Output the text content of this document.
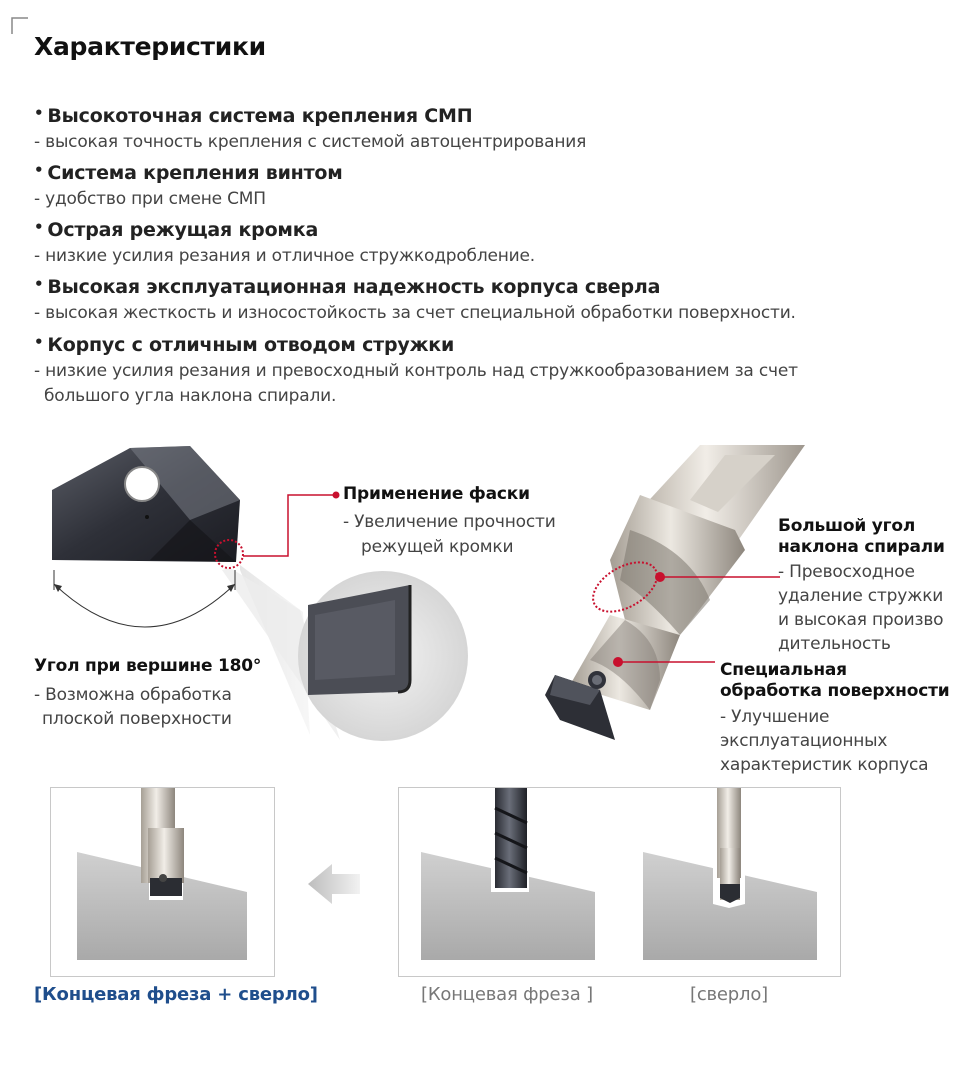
Характеристики
• Высокоточная система крепления СМП
- высокая точность крепления с системой автоцентрирования
• Система крепления винтом
- удобство при смене СМП
• Острая режущая кромка
- низкие усилия резания и отличное стружкодробление.
• Высокая эксплуатационная надежность корпуса сверла
- высокая жесткость и износостойкость за счет специальной обработки поверхности.
• Корпус с отличным отводом стружки
- низкие усилия резания и превосходный контроль над стружкообразованием за счет
большого угла наклона спирали.
Применение фаски
- Увеличение прочности
режущей кромки
Угол при вершине 180°
- Возможна обработка
плоской поверхности
Большой угол
наклона спирали
- Превосходное
удаление стружки
и высокая произво
дительность
Специальная
обработка поверхности
- Улучшение
эксплуатационных
характеристик корпуса
[Концевая фреза + сверло]	[Концевая фреза ]	[сверло]
